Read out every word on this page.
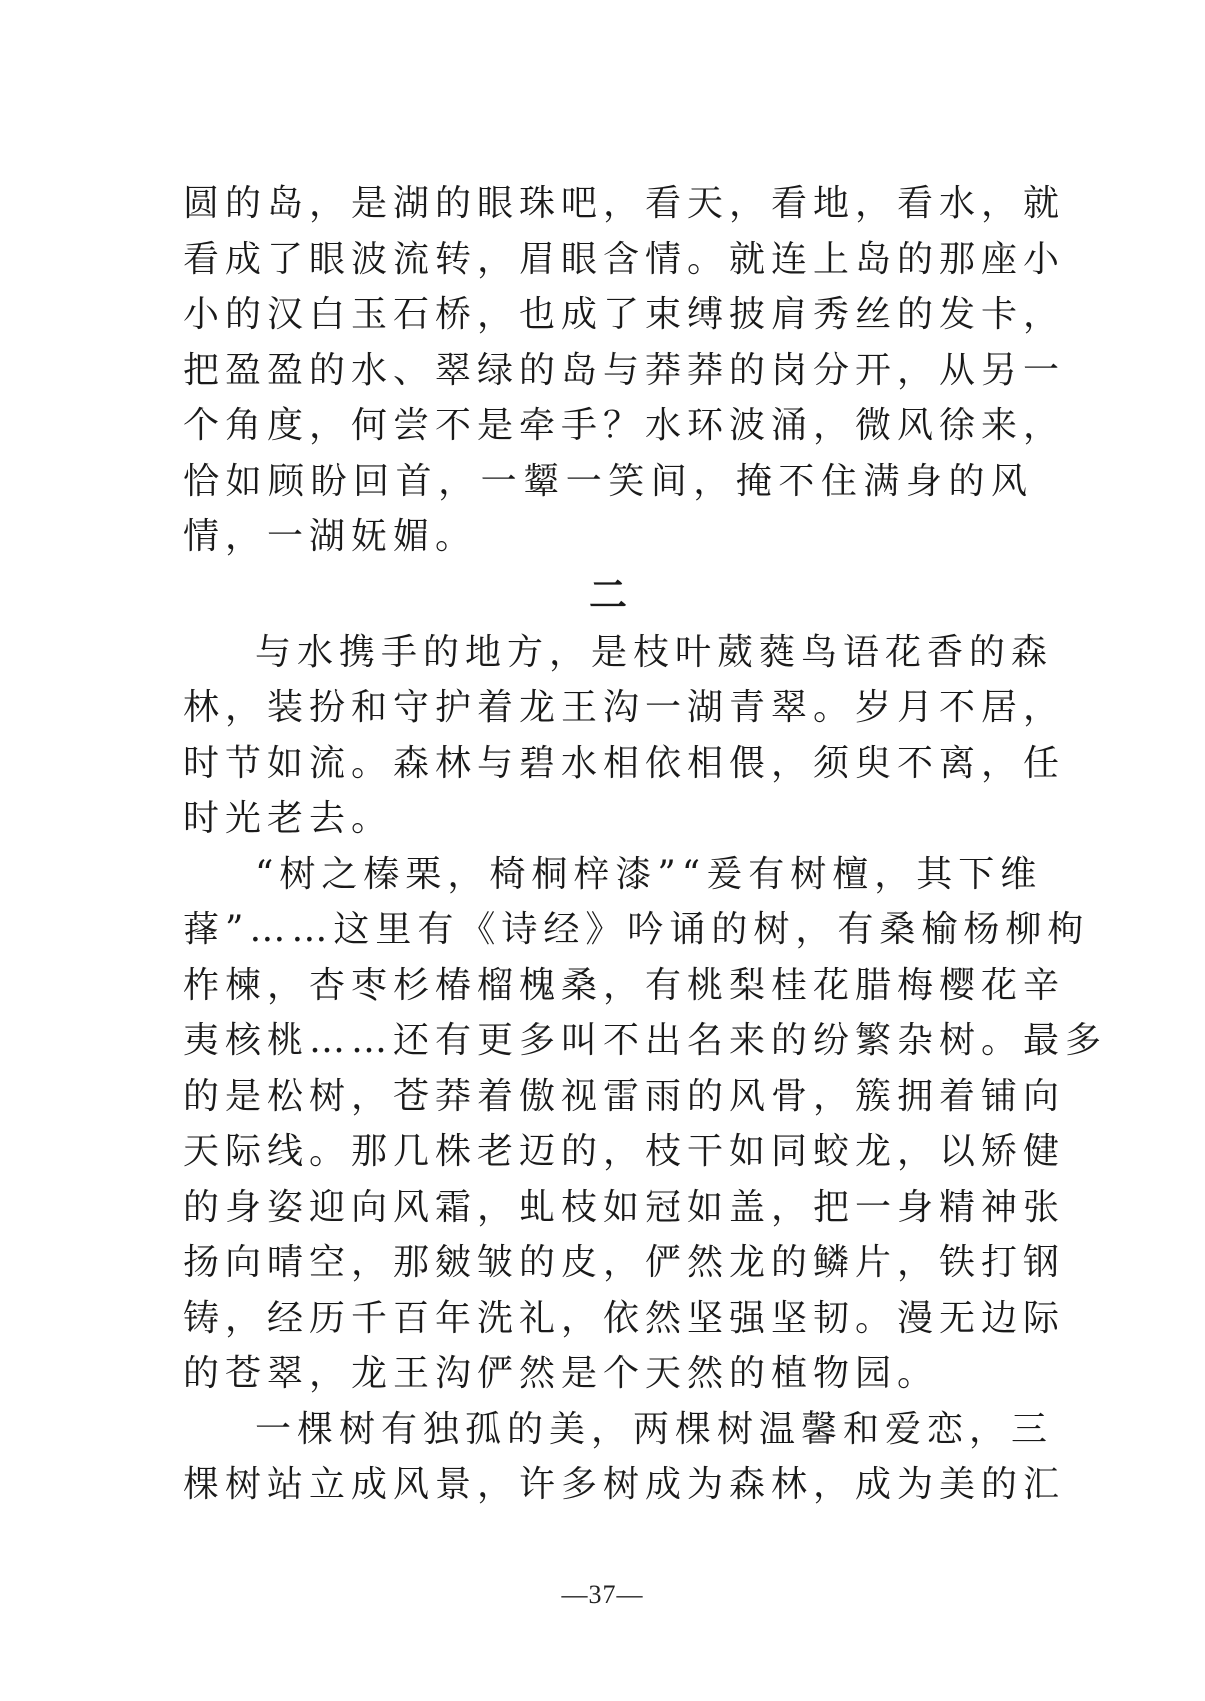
圆的岛，是湖的眼珠吧，看天，看地，看水，就
看成了眼波流转，眉眼含情。就连上岛的那座小
小的汉白玉石桥，也成了束缚披肩秀丝的发卡，
把盈盈的水、翠绿的岛与莽莽的岗分开，从另一
个角度，何尝不是牵手？水环波涌，微风徐来，
恰如顾盼回首，一颦一笑间，掩不住满身的风
情，一湖妩媚。
二
与水携手的地方，是枝叶葳蕤鸟语花香的森
林，装扮和守护着龙王沟一湖青翠。岁月不居，
时节如流。森林与碧水相依相偎，须臾不离，任
时光老去。
“树之榛栗，椅桐梓漆”“爰有树檀，其下维
萚”……这里有《诗经》吟诵的树，有桑榆杨柳枸
柞楝，杏枣杉椿榴槐桑，有桃梨桂花腊梅樱花辛
夷核桃……还有更多叫不出名来的纷繁杂树。最多
的是松树，苍莽着傲视雷雨的风骨，簇拥着铺向
天际线。那几株老迈的，枝干如同蛟龙，以矫健
的身姿迎向风霜，虬枝如冠如盖，把一身精神张
扬向晴空，那皴皱的皮，俨然龙的鳞片，铁打钢
铸，经历千百年洗礼，依然坚强坚韧。漫无边际
的苍翠，龙王沟俨然是个天然的植物园。
一棵树有独孤的美，两棵树温馨和爱恋，三
棵树站立成风景，许多树成为森林，成为美的汇
—37—
